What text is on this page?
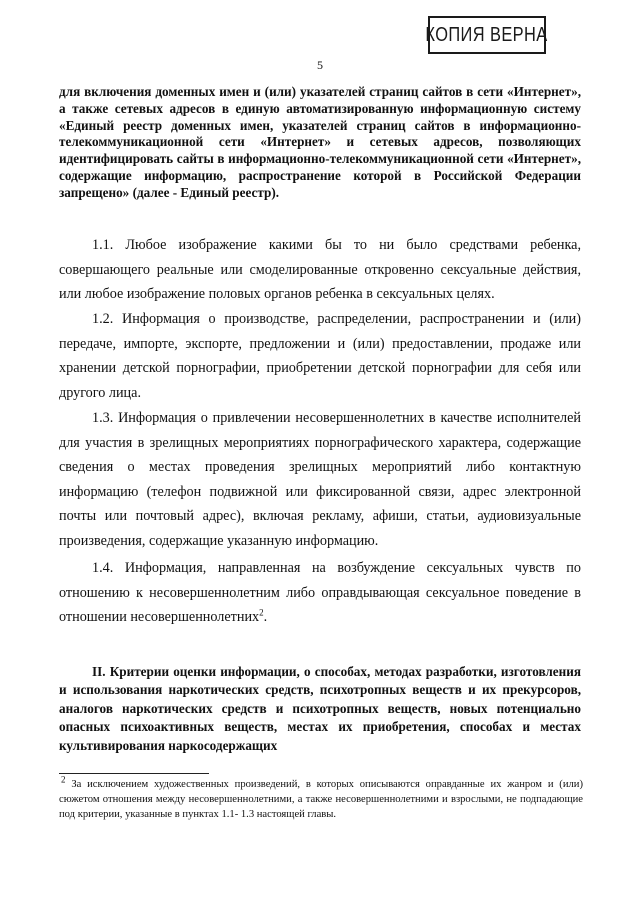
КОПИЯ ВЕРНА
5
для включения доменных имен и (или) указателей страниц сайтов в сети «Интернет», а также сетевых адресов в единую автоматизированную информационную систему «Единый реестр доменных имен, указателей страниц сайтов в информационно-телекоммуникационной сети «Интернет» и сетевых адресов, позволяющих идентифицировать сайты в информационно-телекоммуникационной сети «Интернет», содержащие информацию, распространение которой в Российской Федерации запрещено» (далее - Единый реестр).
1.1. Любое изображение какими бы то ни было средствами ребенка, совершающего реальные или смоделированные откровенно сексуальные действия, или любое изображение половых органов ребенка в сексуальных целях.
1.2. Информация о производстве, распределении, распространении и (или) передаче, импорте, экспорте, предложении и (или) предоставлении, продаже или хранении детской порнографии, приобретении детской порнографии для себя или другого лица.
1.3. Информация о привлечении несовершеннолетних в качестве исполнителей для участия в зрелищных мероприятиях порнографического характера, содержащие сведения о местах проведения зрелищных мероприятий либо контактную информацию (телефон подвижной или фиксированной связи, адрес электронной почты или почтовый адрес), включая рекламу, афиши, статьи, аудиовизуальные произведения, содержащие указанную информацию.
1.4. Информация, направленная на возбуждение сексуальных чувств по отношению к несовершеннолетним либо оправдывающая сексуальное поведение в отношении несовершеннолетних$^2$.
II. Критерии оценки информации, о способах, методах разработки, изготовления и использования наркотических средств, психотропных веществ и их прекурсоров, аналогов наркотических средств и психотропных веществ, новых потенциально опасных психоактивных веществ, местах их приобретения, способах и местах культивирования наркосодержащих
$^2$ За исключением художественных произведений, в которых описываются оправданные их жанром и (или) сюжетом отношения между несовершеннолетними, а также несовершеннолетними и взрослыми, не подпадающие под критерии, указанные в пунктах 1.1- 1.3 настоящей главы.
